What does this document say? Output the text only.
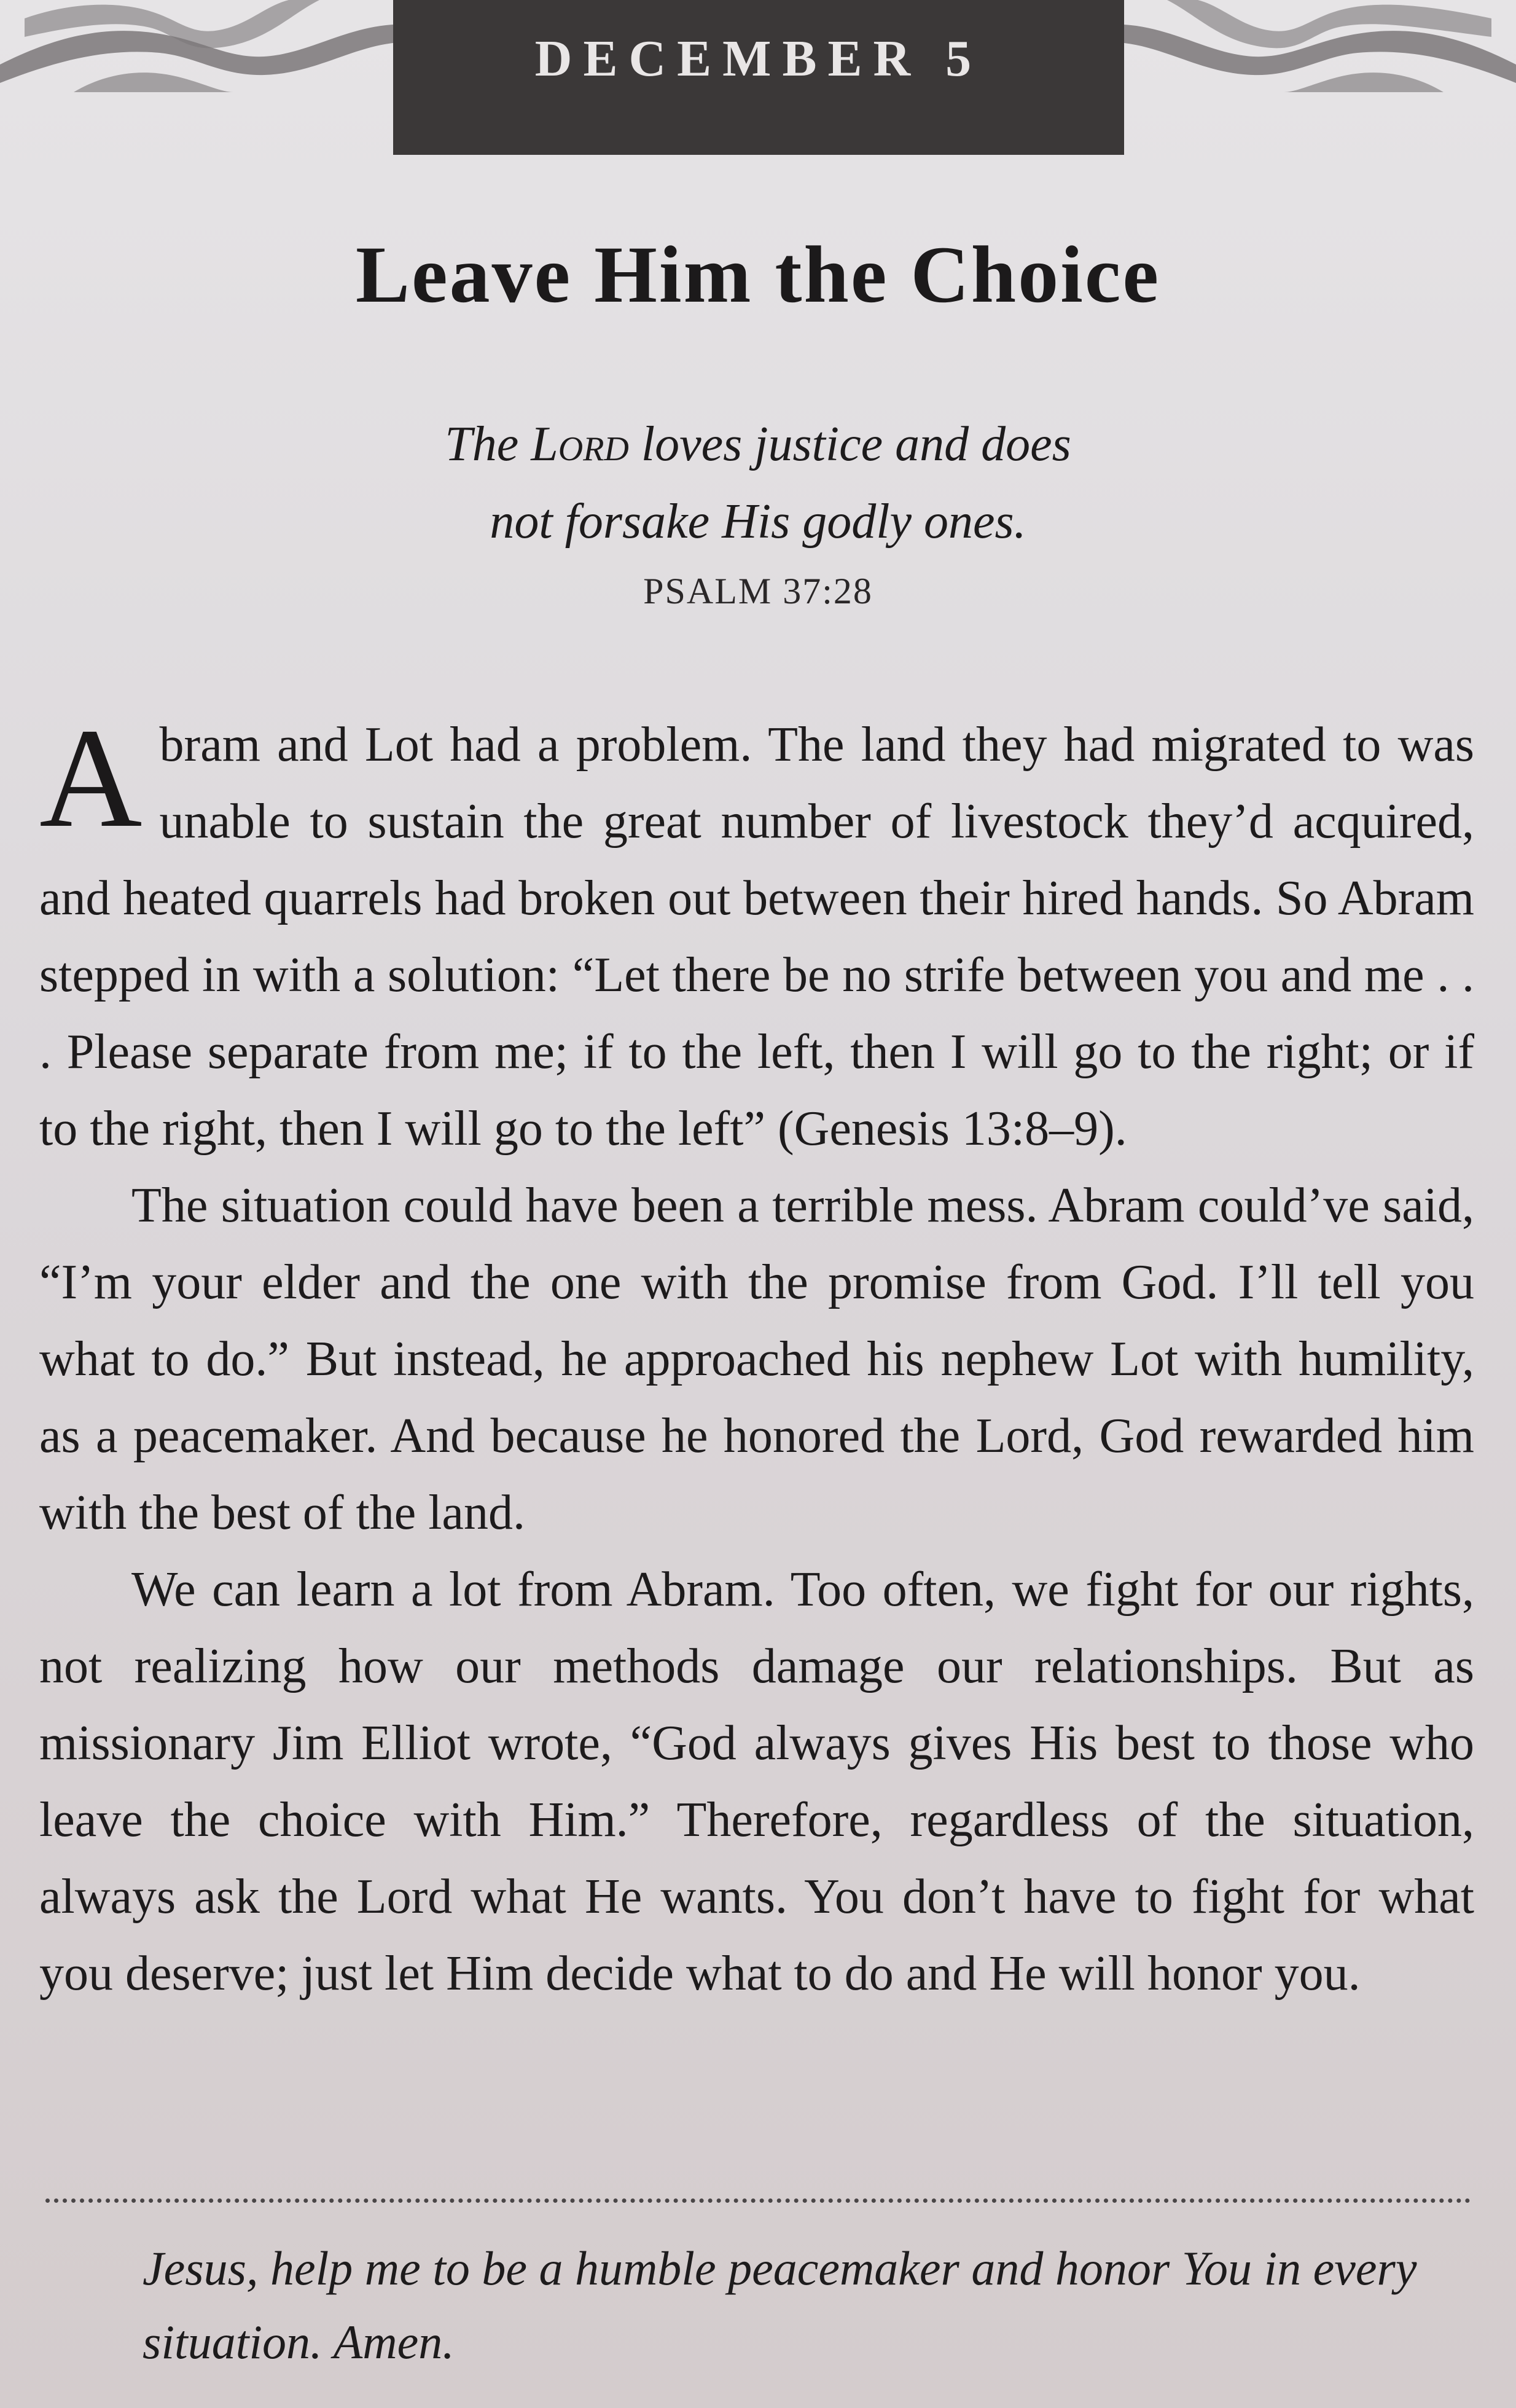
DECEMBER 5
Leave Him the Choice
The Lord loves justice and does
not forsake His godly ones.
PSALM 37:28

Abram and Lot had a problem. The land they had migrated to was unable to sustain the great number of livestock they’d acquired, and heated quarrels had broken out between their hired hands. So Abram stepped in with a solution: “Let there be no strife between you and me . . . Please separate from me; if to the left, then I will go to the right; or if to the right, then I will go to the left” (Genesis 13:8–9).

The situation could have been a terrible mess. Abram could’ve said, “I’m your elder and the one with the promise from God. I’ll tell you what to do.” But instead, he approached his nephew Lot with humility, as a peacemaker. And because he honored the Lord, God rewarded him with the best of the land.

We can learn a lot from Abram. Too often, we fight for our rights, not realizing how our methods damage our relationships. But as missionary Jim Elliot wrote, “God always gives His best to those who leave the choice with Him.” Therefore, regardless of the situation, always ask the Lord what He wants. You don’t have to fight for what you deserve; just let Him decide what to do and He will honor you.

Jesus, help me to be a humble peacemaker and honor You in every situation. Amen.
